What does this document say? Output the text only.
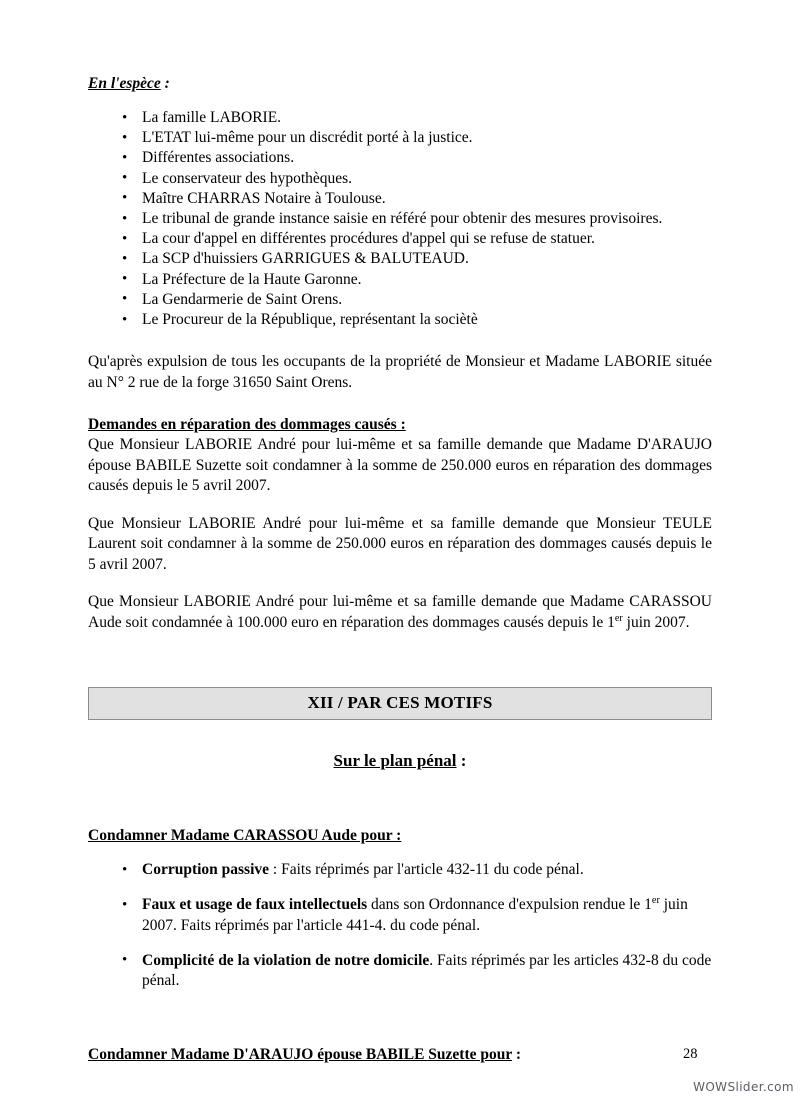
En l'espèce :
• La famille LABORIE.
• L'ETAT lui-même pour un discrédit porté à la justice.
• Différentes associations.
• Le conservateur des hypothèques.
• Maître CHARRAS Notaire à Toulouse.
• Le tribunal de grande instance saisie en référé pour obtenir des mesures provisoires.
• La cour d'appel en différentes procédures d'appel qui se refuse de statuer.
• La SCP d'huissiers GARRIGUES & BALUTEAUD.
• La Préfecture de la Haute Garonne.
• La Gendarmerie de Saint Orens.
• Le Procureur de la République, représentant la sociètè

Qu'après expulsion de tous les occupants de la propriété de Monsieur et Madame LABORIE située au N° 2 rue de la forge 31650 Saint Orens.

Demandes en réparation des dommages causés :

Que Monsieur LABORIE André pour lui-même et sa famille demande que Madame D'ARAUJO épouse BABILE Suzette soit condamner à la somme de 250.000 euros en réparation des dommages causés depuis le 5 avril 2007.

Que Monsieur LABORIE André pour lui-même et sa famille demande que Monsieur TEULE Laurent soit condamner à la somme de 250.000 euros en réparation des dommages causés depuis le 5 avril 2007.

Que Monsieur LABORIE André pour lui-même et sa famille demande que Madame CARASSOU Aude soit condamnée à 100.000 euro en réparation des dommages causés depuis le 1er juin 2007.

XII / PAR CES MOTIFS
Sur le plan pénal :
Condamner Madame CARASSOU Aude pour :
• Corruption passive : Faits réprimés par l'article 432-11 du code pénal.
• Faux et usage de faux intellectuels dans son Ordonnance d'expulsion rendue le 1er juin 2007. Faits réprimés par l'article 441-4. du code pénal.
• Complicité de la violation de notre domicile. Faits réprimés par les articles 432-8 du code pénal.
Condamner Madame D'ARAUJO épouse BABILE Suzette pour :	28
WOWSlider.com
